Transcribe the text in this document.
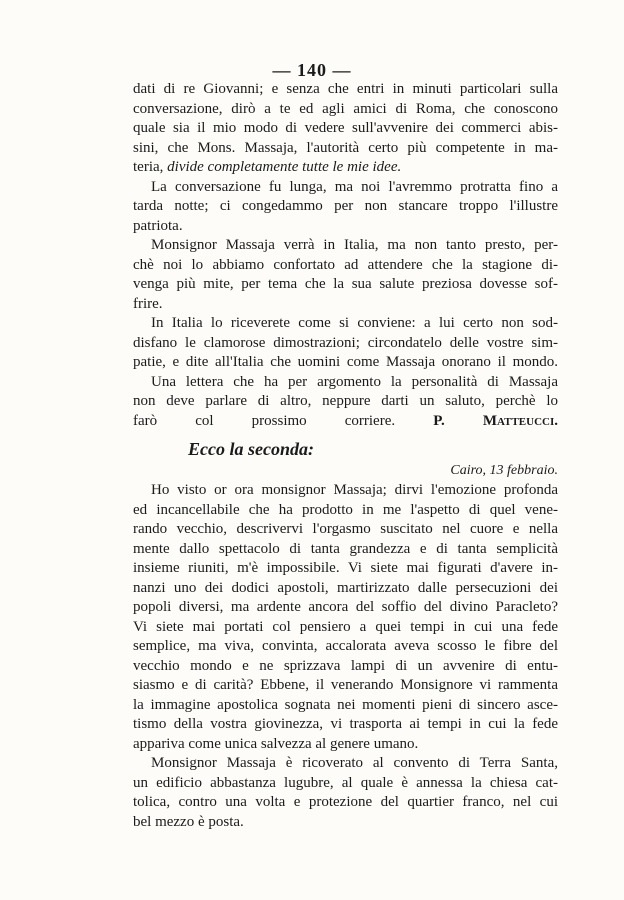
— 140 —
dati di re Giovanni; e senza che entri in minuti particolari sulla
conversazione, dirò a te ed agli amici di Roma, che conoscono
quale sia il mio modo di vedere sull'avvenire dei commerci abis-
sini, che Mons. Massaja, l'autorità certo più competente in ma-
teria, divide completamente tutte le mie idee.
La conversazione fu lunga, ma noi l'avremmo protratta fino a
tarda notte; ci congedammo per non stancare troppo l'illustre
patriota.
Monsignor Massaja verrà in Italia, ma non tanto presto, per-
chè noi lo abbiamo confortato ad attendere che la stagione di-
venga più mite, per tema che la sua salute preziosa dovesse sof-
frire.
In Italia lo riceverete come si conviene: a lui certo non sod-
disfano le clamorose dimostrazioni; circondatelo delle vostre sim-
patie, e dite all'Italia che uomini come Massaja onorano il mondo.
Una lettera che ha per argomento la personalità di Massaja
non deve parlare di altro, neppure darti un saluto, perchè lo
farò col prossimo corriere.	P. Matteucci.
Ecco la seconda:
Cairo, 13 febbraio.
Ho visto or ora monsignor Massaja; dirvi l'emozione profonda
ed incancellabile che ha prodotto in me l'aspetto di quel vene-
rando vecchio, descrivervi l'orgasmo suscitato nel cuore e nella
mente dallo spettacolo di tanta grandezza e di tanta semplicità
insieme riuniti, m'è impossibile. Vi siete mai figurati d'avere in-
nanzi uno dei dodici apostoli, martirizzato dalle persecuzioni dei
popoli diversi, ma ardente ancora del soffio del divino Paracleto?
Vi siete mai portati col pensiero a quei tempi in cui una fede
semplice, ma viva, convinta, accalorata aveva scosso le fibre del
vecchio mondo e ne sprizzava lampi di un avvenire di entu-
siasmo e di carità? Ebbene, il venerando Monsignore vi rammenta
la immagine apostolica sognata nei momenti pieni di sincero asce-
tismo della vostra giovinezza, vi trasporta ai tempi in cui la fede
appariva come unica salvezza al genere umano.
Monsignor Massaja è ricoverato al convento di Terra Santa,
un edificio abbastanza lugubre, al quale è annessa la chiesa cat-
tolica, contro una volta e protezione del quartier franco, nel cui
bel mezzo è posta.
